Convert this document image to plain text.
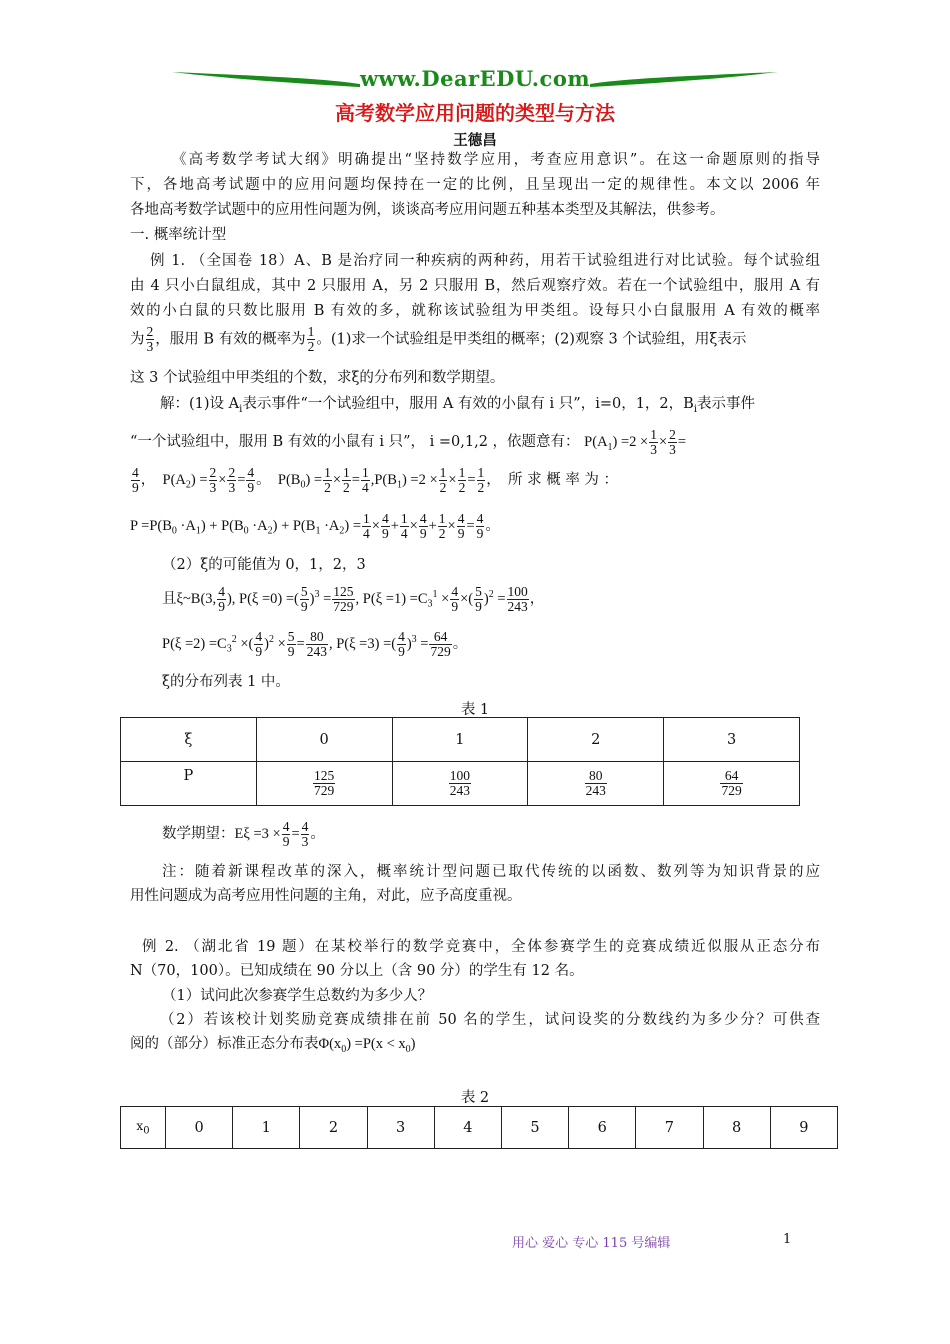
www.DearEDU.com
高考数学应用问题的类型与方法
王德昌
《高考数学考试大纲》明确提出“坚持数学应用，考查应用意识”。在这一命题原则的指导
下，各地高考试题中的应用问题均保持在一定的比例，且呈现出一定的规律性。本文以 2006 年
各地高考数学试题中的应用性问题为例，谈谈高考应用问题五种基本类型及其解法，供参考。
一. 概率统计型
例 1. （全国卷 18）A、B 是治疗同一种疾病的两种药，用若干试验组进行对比试验。每个试验组
由 4 只小白鼠组成，其中 2 只服用 A，另 2 只服用 B，然后观察疗效。若在一个试验组中，服用 A 有
效的小白鼠的只数比服用 B 有效的多，就称该试验组为甲类组。设每只小白鼠服用 A 有效的概率
为 $\frac{2}{3}$ ，服用 B 有效的概率为 $\frac{1}{2}$ 。(1)求一个试验组是甲类组的概率；(2)观察 3 个试验组，用ξ表示
这 3 个试验组中甲类组的个数，求ξ的分布列和数学期望。
解：(1)设 $A_i$表示事件“一个试验组中，服用 A 有效的小鼠有 i 只”，i=0，1，2，$B_i$表示事件
“一个试验组中，服用 B 有效的小鼠有 i 只”， i =0,1,2 ，依题意有： $P(A_1) =2 \times \frac{1}{3} \times \frac{2}{3}$ =
$\frac{4}{9}$ ，  $P(A_2) = \frac{2}{3} \times \frac{2}{3} = \frac{4}{9}$ 。  $P(B_0) = \frac{1}{2} \times \frac{1}{2} = \frac{1}{4} ,P(B_1) =2 \times \frac{1}{2} \times \frac{1}{2} = \frac{1}{2}$ ，  所 求 概 率 为 ：
$P =P(B_0 \cdot A_1) + P(B_0 \cdot A_2) + P(B_1 \cdot A_2) = \frac{1}{4} \times \frac{4}{9} + \frac{1}{4} \times \frac{4}{9} + \frac{1}{2} \times \frac{4}{9} = \frac{4}{9}$ 。
（2）ξ的可能值为 0，1，2，3
且ξ~B(3, $\frac{4}{9}$ ), P(ξ =0) =( $\frac{5}{9} )^3 = \frac{125}{729}$ , $P(\xi =1) =C_3^1 \times \frac{4}{9}$ ×( $\frac{5}{9} )^2 = \frac{100}{243}$ ，
$P(\xi =2) =C_3^2$ ×( $\frac{4}{9} )^2 \times \frac{5}{9} = \frac{80}{243}$ , P(ξ =3) =( $\frac{4}{9} )^3 = \frac{64}{729}$ 。
ξ的分布列表 1 中。
表 1
ξ	0	1	2	3
P	$\frac{125}{729}$	$\frac{100}{243}$	$\frac{80}{243}$	$\frac{64}{729}$
数学期望：$E\xi =3 \times \frac{4}{9} = \frac{4}{3}$ 。
注：随着新课程改革的深入，概率统计型问题已取代传统的以函数、数列等为知识背景的应
用性问题成为高考应用性问题的主角，对此，应予高度重视。
例 2. （湖北省 19 题）在某校举行的数学竞赛中，全体参赛学生的竞赛成绩近似服从正态分布
N（70，100）。已知成绩在 90 分以上（含 90 分）的学生有 12 名。
（1）试问此次参赛学生总数约为多少人？
（2）若该校计划奖励竞赛成绩排在前 50 名的学生，试问设奖的分数线约为多少分？可供查
阅的（部分）标准正态分布表$\Phi(x_0) =P(x < x_0)$
表 2
$x_0$	0	1	2	3	4	5	6	7	8	9
用心 爱心 专心 115 号编辑	1
